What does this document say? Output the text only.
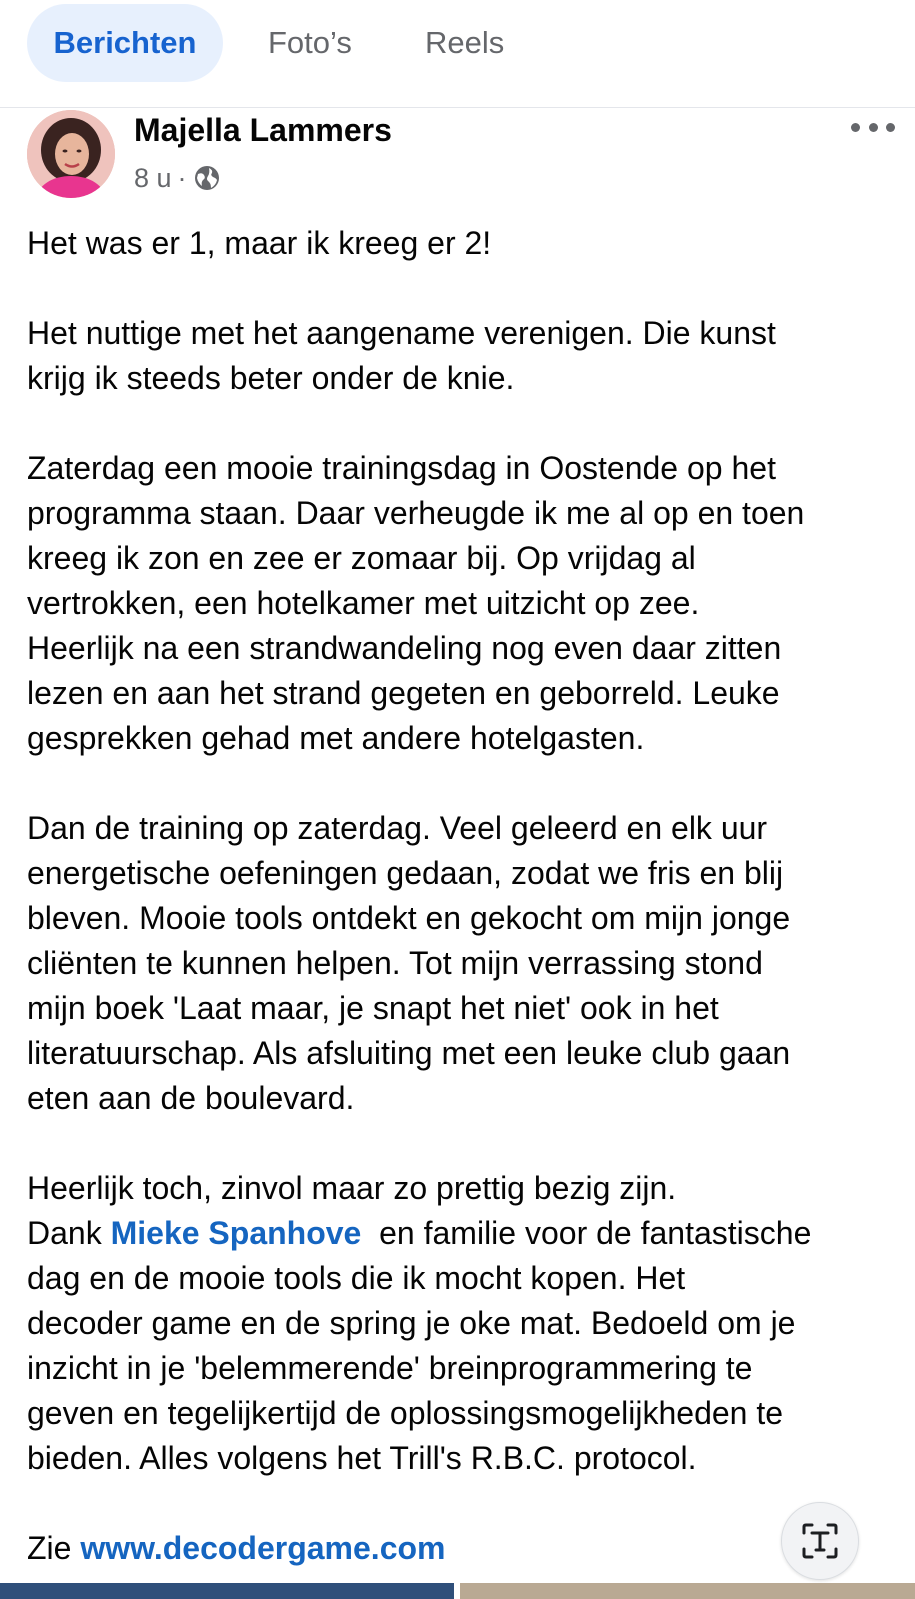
Berichten	Foto’s Reels
Majella Lammers
8 u ·
Het was er 1, maar ik kreeg er 2!
Het nuttige met het aangename verenigen. Die kunst
krijg ik steeds beter onder de knie.
Zaterdag een mooie trainingsdag in Oostende op het
programma staan. Daar verheugde ik me al op en toen
kreeg ik zon en zee er zomaar bij. Op vrijdag al
vertrokken, een hotelkamer met uitzicht op zee.
Heerlijk na een strandwandeling nog even daar zitten
lezen en aan het strand gegeten en geborreld. Leuke
gesprekken gehad met andere hotelgasten.
Dan de training op zaterdag. Veel geleerd en elk uur
energetische oefeningen gedaan, zodat we fris en blij
bleven. Mooie tools ontdekt en gekocht om mijn jonge
cliënten te kunnen helpen. Tot mijn verrassing stond
mijn boek 'Laat maar, je snapt het niet' ook in het
literatuurschap. Als afsluiting met een leuke club gaan
eten aan de boulevard.
Heerlijk toch, zinvol maar zo prettig bezig zijn.
Dank Mieke Spanhove  en familie voor de fantastische
dag en de mooie tools die ik mocht kopen. Het
decoder game en de spring je oke mat. Bedoeld om je
inzicht in je 'belemmerende' breinprogrammering te
geven en tegelijkertijd de oplossingsmogelijkheden te
bieden. Alles volgens het Trill's R.B.C. protocol.
Zie www.decodergame.com
